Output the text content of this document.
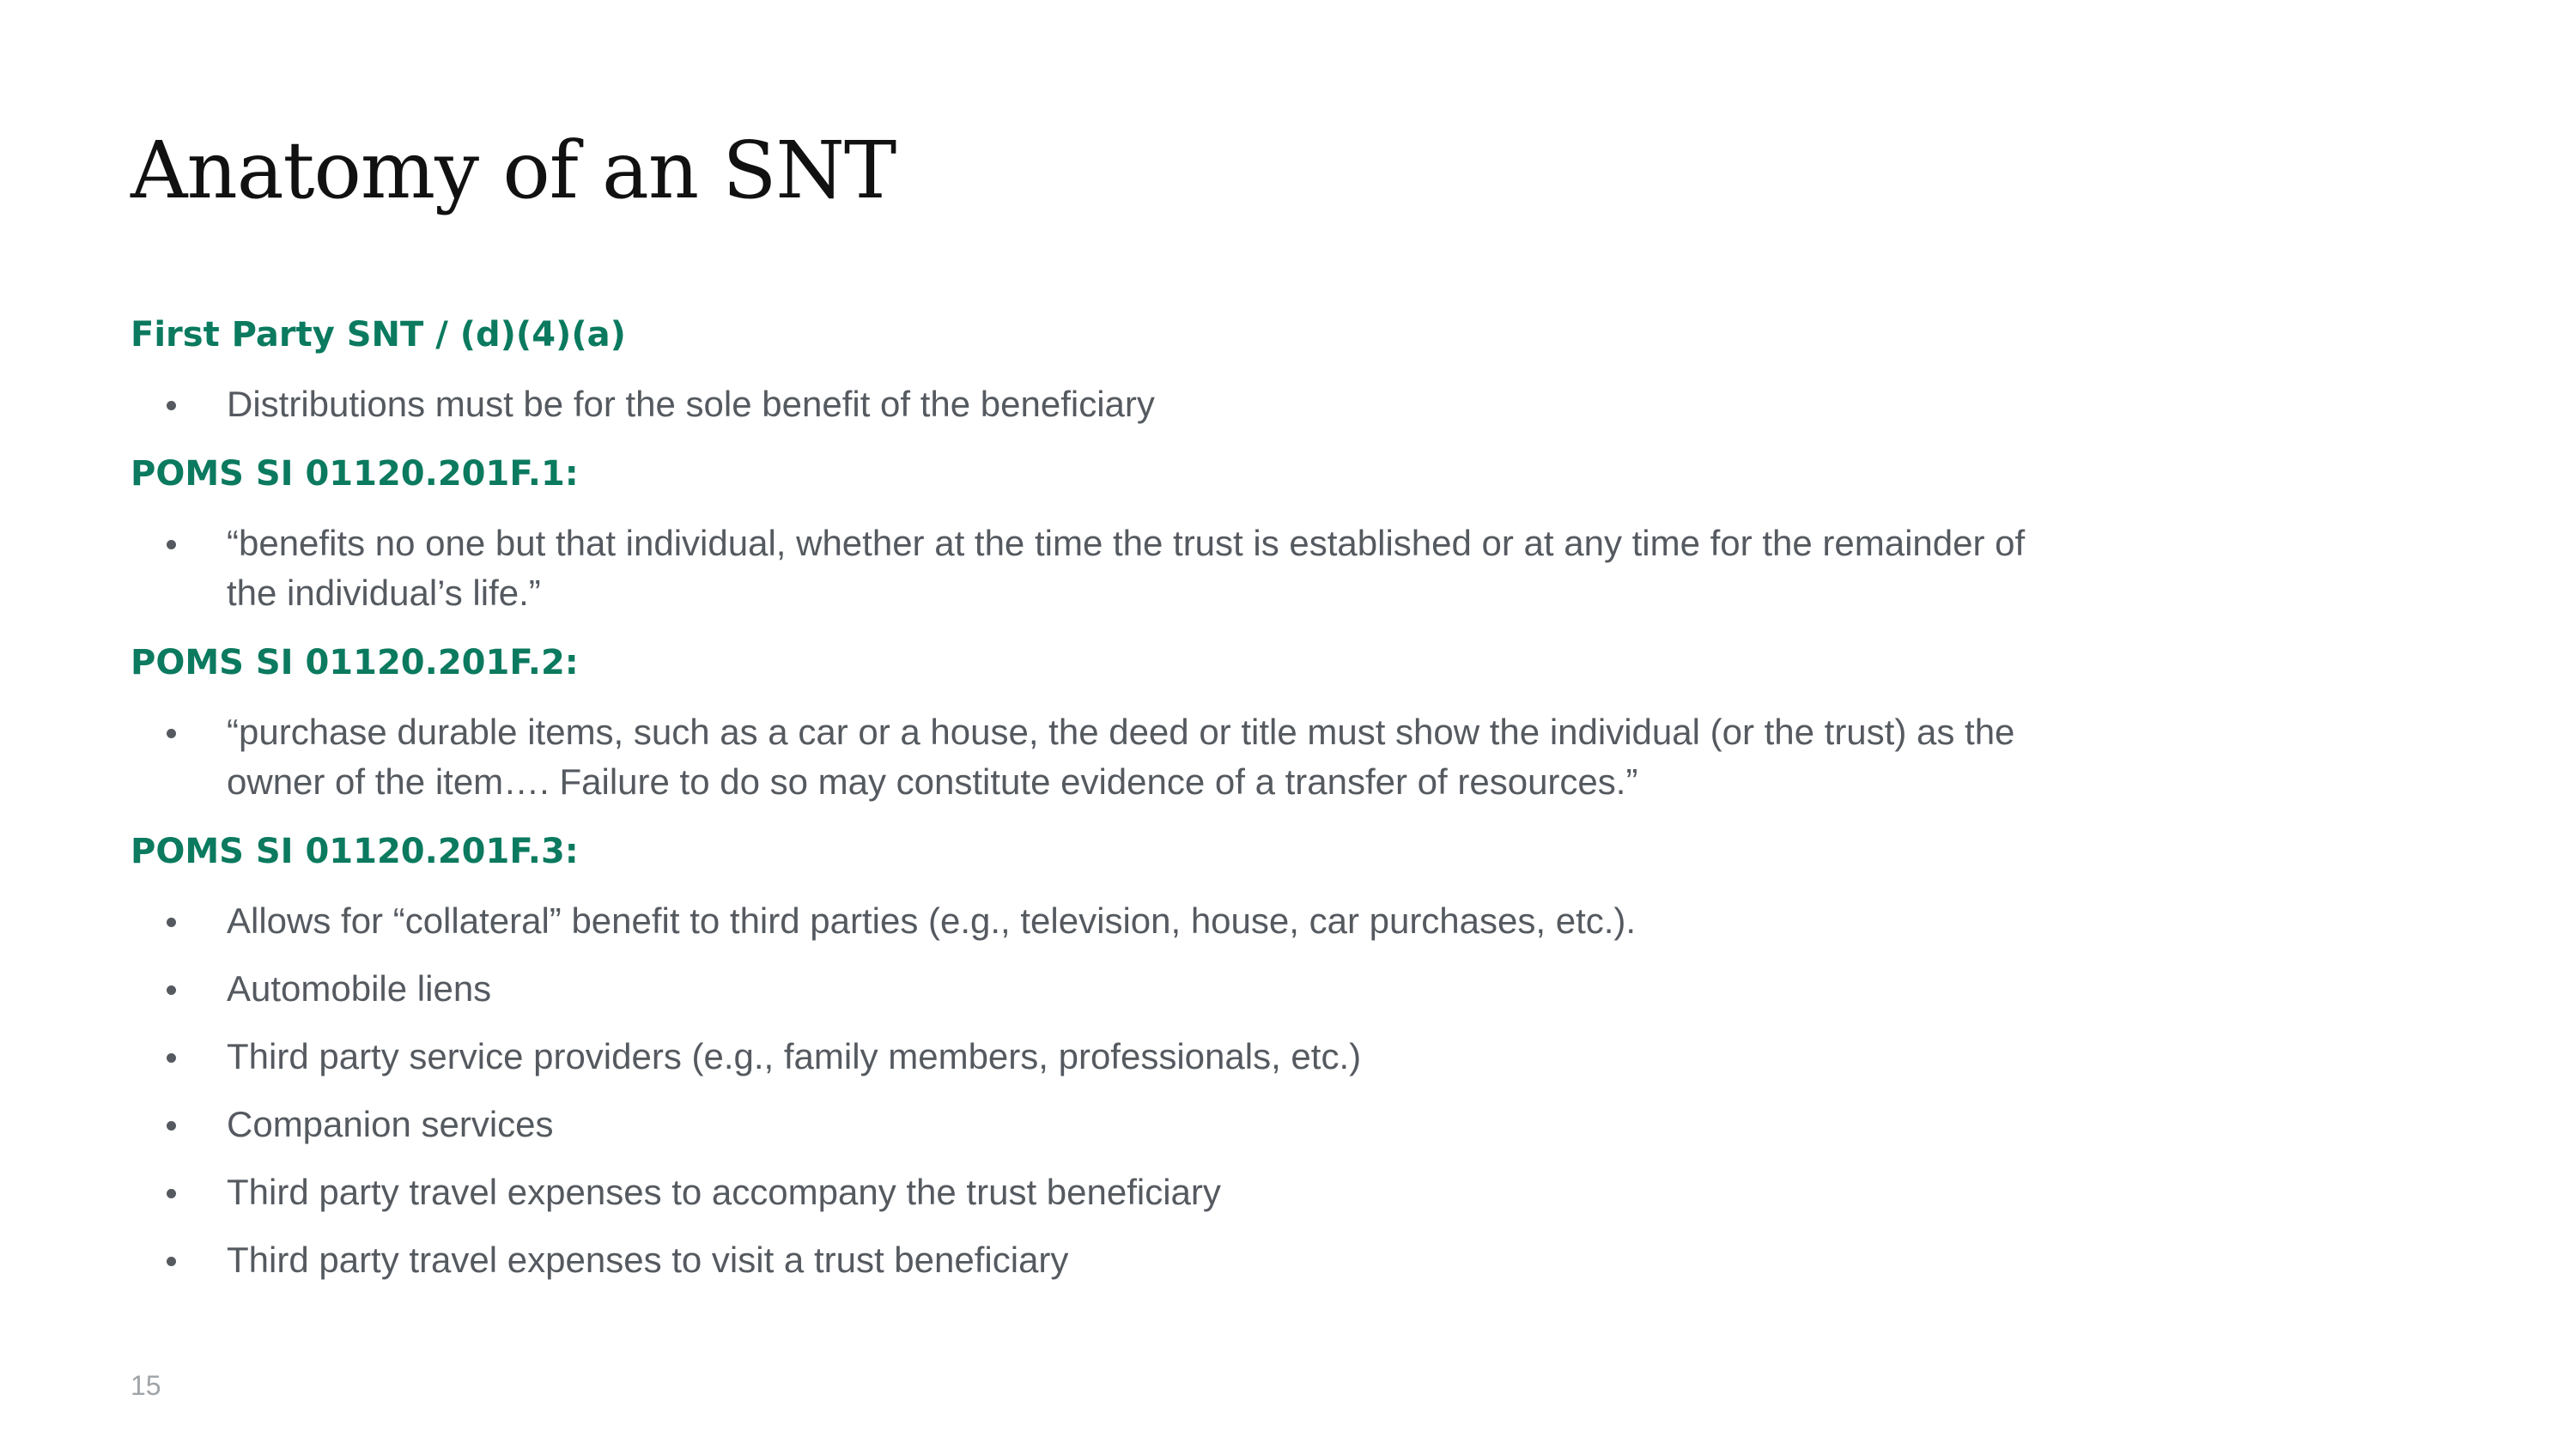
Anatomy of an SNT

First Party SNT / (d)(4)(a)

Distributions must be for the sole benefit of the beneficiary

POMS SI 01120.201F.1:

“benefits no one but that individual, whether at the time the trust is established or at any time for the remainder of the individual’s life.”

POMS SI 01120.201F.2:

“purchase durable items, such as a car or a house, the deed or title must show the individual (or the trust) as the owner of the item…. Failure to do so may constitute evidence of a transfer of resources.”

POMS SI 01120.201F.3:

Allows for “collateral” benefit to third parties (e.g., television, house, car purchases, etc.).
Automobile liens
Third party service providers (e.g., family members, professionals, etc.)
Companion services
Third party travel expenses to accompany the trust beneficiary
Third party travel expenses to visit a trust beneficiary
15
